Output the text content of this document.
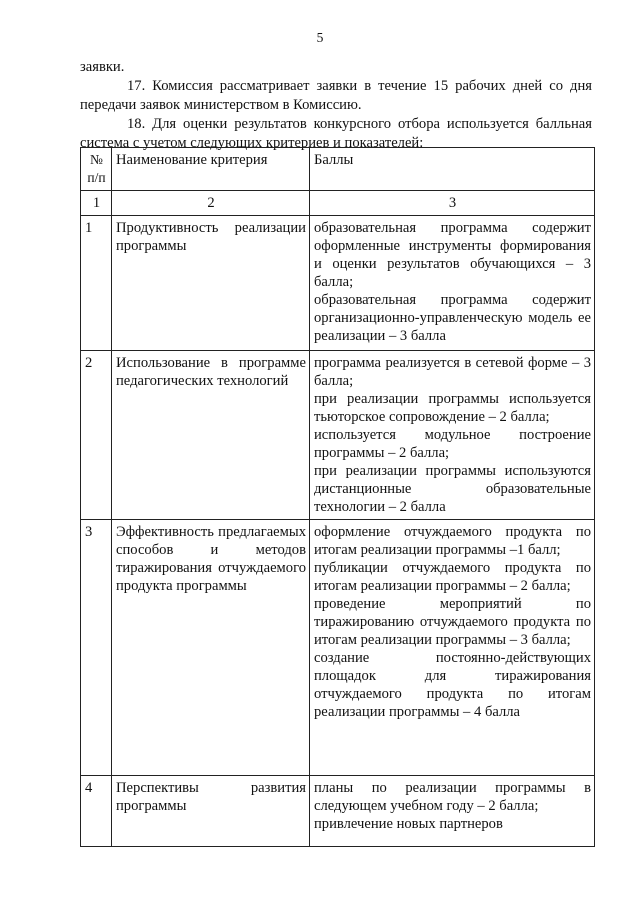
5
заявки.
17. Комиссия рассматривает заявки в течение 15 рабочих дней со дня передачи заявок министерством в Комиссию.
18. Для оценки результатов конкурсного отбора используется балльная система с учетом следующих критериев и показателей:
№ п/п	Наименование критерия	Баллы
1	2	3
1	Продуктивность реализации программы	образовательная программа содержит оформленные инструменты формирования и оценки результатов обучающихся – 3 балла;
образовательная программа содержит организационно-управленческую модель ее реализации – 3 балла

2	Использование в программе педагогических технологий	программа реализуется в сетевой форме – 3 балла;
при реализации программы используется тьюторское сопровождение – 2 балла;
используется модульное построение программы – 2 балла;
при реализации программы используются дистанционные образовательные технологии – 2 балла

3	Эффективность предлагаемых способов и методов тиражирования отчуждаемого продукта программы	оформление отчуждаемого продукта по итогам реализации программы –1 балл;
публикации отчуждаемого продукта по итогам реализации программы – 2 балла;
проведение мероприятий по тиражированию отчуждаемого продукта по итогам реализации программы – 3 балла;
создание постоянно-действующих площадок для тиражирования отчуждаемого продукта по итогам реализации программы – 4 балла

4	Перспективы развития программы	планы по реализации программы в следующем учебном году – 2 балла;
привлечение новых партнеров
